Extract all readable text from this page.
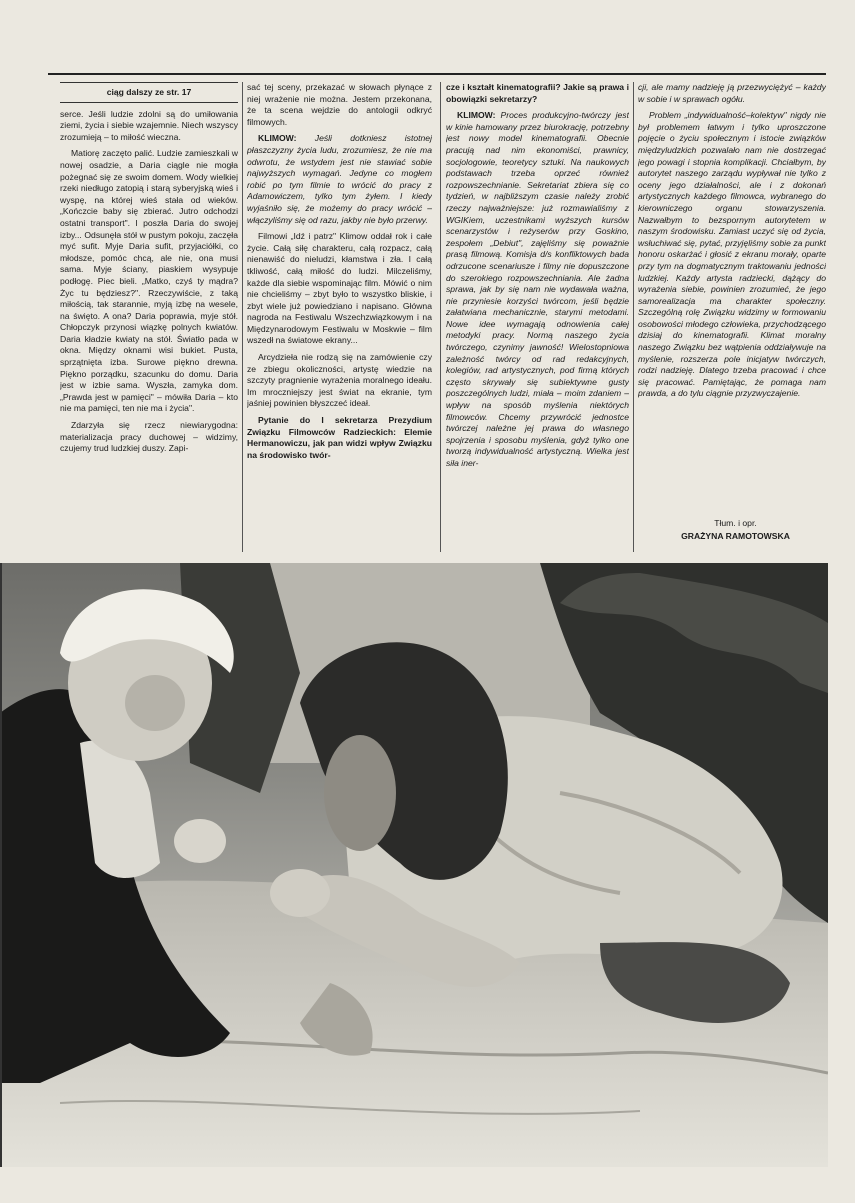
ciąg dalszy ze str. 17

serce. Jeśli ludzie zdolni są do umiłowania ziemi, życia i siebie wzajemnie. Niech wszyscy zrozumieją – to miłość wieczna.

Matiorę zaczęto palić. Ludzie zamieszkali w nowej osadzie, a Daria ciągle nie mogła pożegnać się ze swoim domem. Wody wielkiej rzeki niedługo zatopią i starą syberyjską wieś i wyspę, na której wieś stała od wieków. „Kończcie baby się zbierać. Jutro odchodzi ostatni transport". I poszła Daria do swojej izby... Odsunęła stół w pustym pokoju, zaczęła myć sufit. Myje Daria sufit, przyjaciółki, co młodsze, pomóc chcą, ale nie, ona musi sama. Myje ściany, piaskiem wysypuje podłogę. Piec bieli. „Matko, czyś ty mądra? Życ tu będziesz?". Rzeczywiście, z taką miłością, tak starannie, myją izbę na wesele, na święto. A ona? Daria poprawia, myje stół. Chłopczyk przynosi wiązkę polnych kwiatów. Daria kładzie kwiaty na stół. Światło pada w okna. Między oknami wisi bukiet. Pusta, sprzątnięta izba. Surowe piękno drewna. Piękno porządku, szacunku do domu. Daria jest w izbie sama. Wyszła, zamyka dom. „Prawda jest w pamięci" – mówiła Daria – kto nie ma pamięci, ten nie ma i życia".

Zdarzyła się rzecz niewiarygodna: materializacja pracy duchowej – widzimy, czujemy trud ludzkiej duszy. Zapi-

sać tej sceny, przekazać w słowach płynące z niej wrażenie nie można. Jestem przekonana, że ta scena wejdzie do antologii odkryć filmowych.

KLIMOW: Jeśli dotkniesz istotnej płaszczyzny życia ludu, zrozumiesz, że nie ma odwrotu, że wstydem jest nie stawiać sobie najwyższych wymagań. Jedyne co mogłem robić po tym filmie to wrócić do pracy z Adamowiczem, tylko tym żyłem. I kiedy wyjaśniło się, że możemy do pracy wrócić – włączyliśmy się od razu, jakby nie było przerwy.

Filmowi „Idź i patrz" Klimow oddał rok i całe życie. Całą siłę charakteru, całą rozpacz, całą nienawiść do nieludzi, kłamstwa i zła. I całą tkliwość, całą miłość do ludzi. Milczeliśmy, każde dla siebie wspominając film. Mówić o nim nie chcieliśmy – zbyt było to wszystko bliskie, i zbyt wiele już powiedziano i napisano. Główna nagroda na Festiwalu Wszechzwiązkowym i na Międzynarodowym Festiwalu w Moskwie – film wszedł na światowe ekrany...

Arcydzieła nie rodzą się na zamówienie czy ze zbiegu okoliczności, artystę wiedzie na szczyty pragnienie wyrażenia moralnego ideału. Im mroczniejszy jest świat na ekranie, tym jaśniej powinien błyszczeć ideał.

Pytanie do I sekretarza Prezydium Związku Filmowców Radzieckich: Elemie Hermanowiczu, jak pan widzi wpływ Związku na środowisko twór-

cze i kształt kinematografii? Jakie są prawa i obowiązki sekretarzy?

KLIMOW: Proces produkcyjno-twórczy jest w kinie hamowany przez biurokrację, potrzebny jest nowy model kinematografii. Obecnie pracują nad nim ekonomiści, prawnicy, socjologowie, teoretycy sztuki. Na naukowych podstawach trzeba oprzeć również rozpowszechnianie. Sekretariat zbiera się co tydzień, w najbliższym czasie należy zrobić rzeczy najważniejsze: już rozmawialiśmy z WGIKiem, uczestnikami wyższych kursów scenarzystów i reżyserów przy Goskino, zespołem „Debiut", zajęliśmy się poważnie prasą filmową. Komisja d/s konfliktowych bada odrzucone scenariusze i filmy nie dopuszczone do szerokiego rozpowszechniania. Ale żadna sprawa, jak by się nam nie wydawała ważna, nie przyniesie korzyści twórcom, jeśli będzie załatwiana mechanicznie, starymi metodami. Nowe idee wymagają odnowienia całej metodyki pracy. Normą naszego życia twórczego, czynimy jawność! Wielostopniowa zależność twórcy od rad redakcyjnych, kolegiów, rad artystycznych, pod firmą których często skrywały się subiektywne gusty poszczególnych ludzi, miała – moim zdaniem – wpływ na sposób myślenia niektórych filmowców. Chcemy przywrócić jednostce twórczej należne jej prawa do własnego spojrzenia i sposobu myślenia, gdyż tylko one tworzą indywidualność artystyczną. Wielka jest siła iner-

cji, ale mamy nadzieję ją przezwyciężyć – każdy w sobie i w sprawach ogółu.

Problem „indywidualność–kolektyw" nigdy nie był problemem łatwym i tylko uproszczone pojęcie o życiu społecznym i istocie związków międzyludzkich pozwalało nam nie dostrzegać jego powagi i stopnia komplikacji. Chciałbym, by autorytet naszego zarządu wypływał nie tylko z oceny jego działalności, ale i z dokonań artystycznych każdego filmowca, wybranego do kierowniczego organu stowarzyszenia. Nazwałbym to bezspornym autorytetem w naszym środowisku. Zamiast uczyć się od życia, wsłuchiwać się, pytać, przyjęliśmy sobie za punkt honoru oskarżać i głosić z ekranu morały, oparte przy tym na dogmatycznym traktowaniu jedności ludzkiej. Każdy artysta radziecki, dążący do wyrażenia siebie, powinien zrozumieć, że jego samorealizacja ma charakter społeczny. Szczególną rolę Związku widzimy w formowaniu osobowości młodego człowieka, przychodzącego dzisiaj do kinematografii. Klimat moralny naszego Związku bez wątpienia oddziaływuje na myślenie, rozszerza pole inicjatyw twórczych, rodzi nadzieję. Dlatego trzeba pracować i chce się pracować. Pamiętając, że pomaga nam prawda, a do tylu ciągnie przyzwyczajenie.

Tłum. i opr.
GRAŻYNA RAMOTOWSKA
